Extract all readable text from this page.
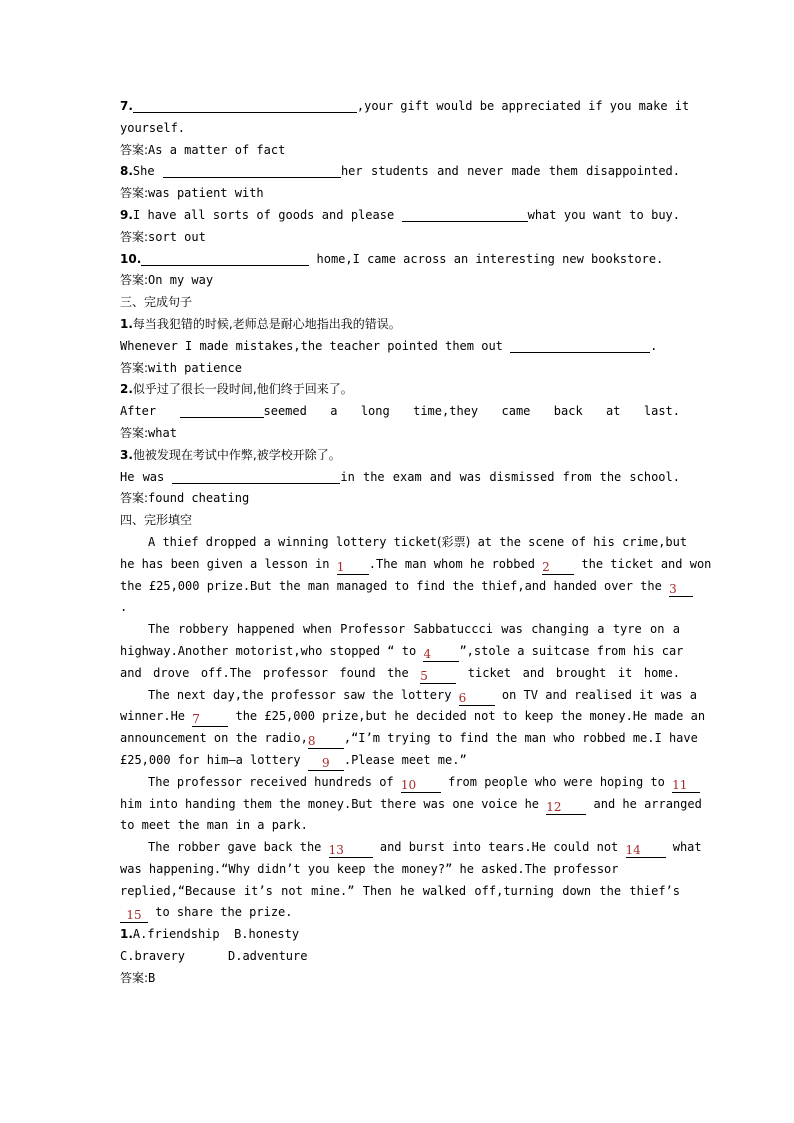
7.	,your gift would be appreciated if you make it
yourself.
答案:As a matter of fact
8.She	her students and never made them disappointed.
答案:was patient with
9.I have all sorts of goods and please	what you want to buy.
答案:sort out
10.	home,I came across an interesting new bookstore.
答案:On my way
三、完成句子
1.每当我犯错的时候,老师总是耐心地指出我的错误。
Whenever I made mistakes,the teacher pointed them out	.
答案:with patience
2.似乎过了很长一段时间,他们终于回来了。
After	seemed a long time,they came back at last.
答案:what
3.他被发现在考试中作弊,被学校开除了。
He was	in the exam and was dismissed from the school.
答案:found cheating
四、完形填空
A thief dropped a winning lottery ticket(彩票) at the scene of his crime,but
he has been given a lesson in 1 .The man whom he robbed 2 the ticket and won
the £25,000 prize.But the man managed to find the thief,and handed over the 3
.
The robbery happened when Professor Sabbatuccci was changing a tyre on a
highway.Another motorist,who stopped “ to 4 ”,stole a suitcase from his car
and drove off.The professor found the 5 ticket and brought it home.
The next day,the professor saw the lottery 6 on TV and realised it was a
winner.He 7 the £25,000 prize,but he decided not to keep the money.He made an
announcement on the radio,8 ,“I’m trying to find the man who robbed me.I have
£25,000 for him—a lottery 9 .Please meet me.”
The professor received hundreds of 10 from people who were hoping to 11
him into handing them the money.But there was one voice he 12 and he arranged
to meet the man in a park.
The robber gave back the 13 and burst into tears.He could not 14 what
was happening.“Why didn’t you keep the money?” he asked.The professor
replied,“Because it’s not mine.” Then he walked off,turning down the thief’s
15 to share the prize.
1.A.friendship B.honesty
C.bravery	D.adventure
答案:B
